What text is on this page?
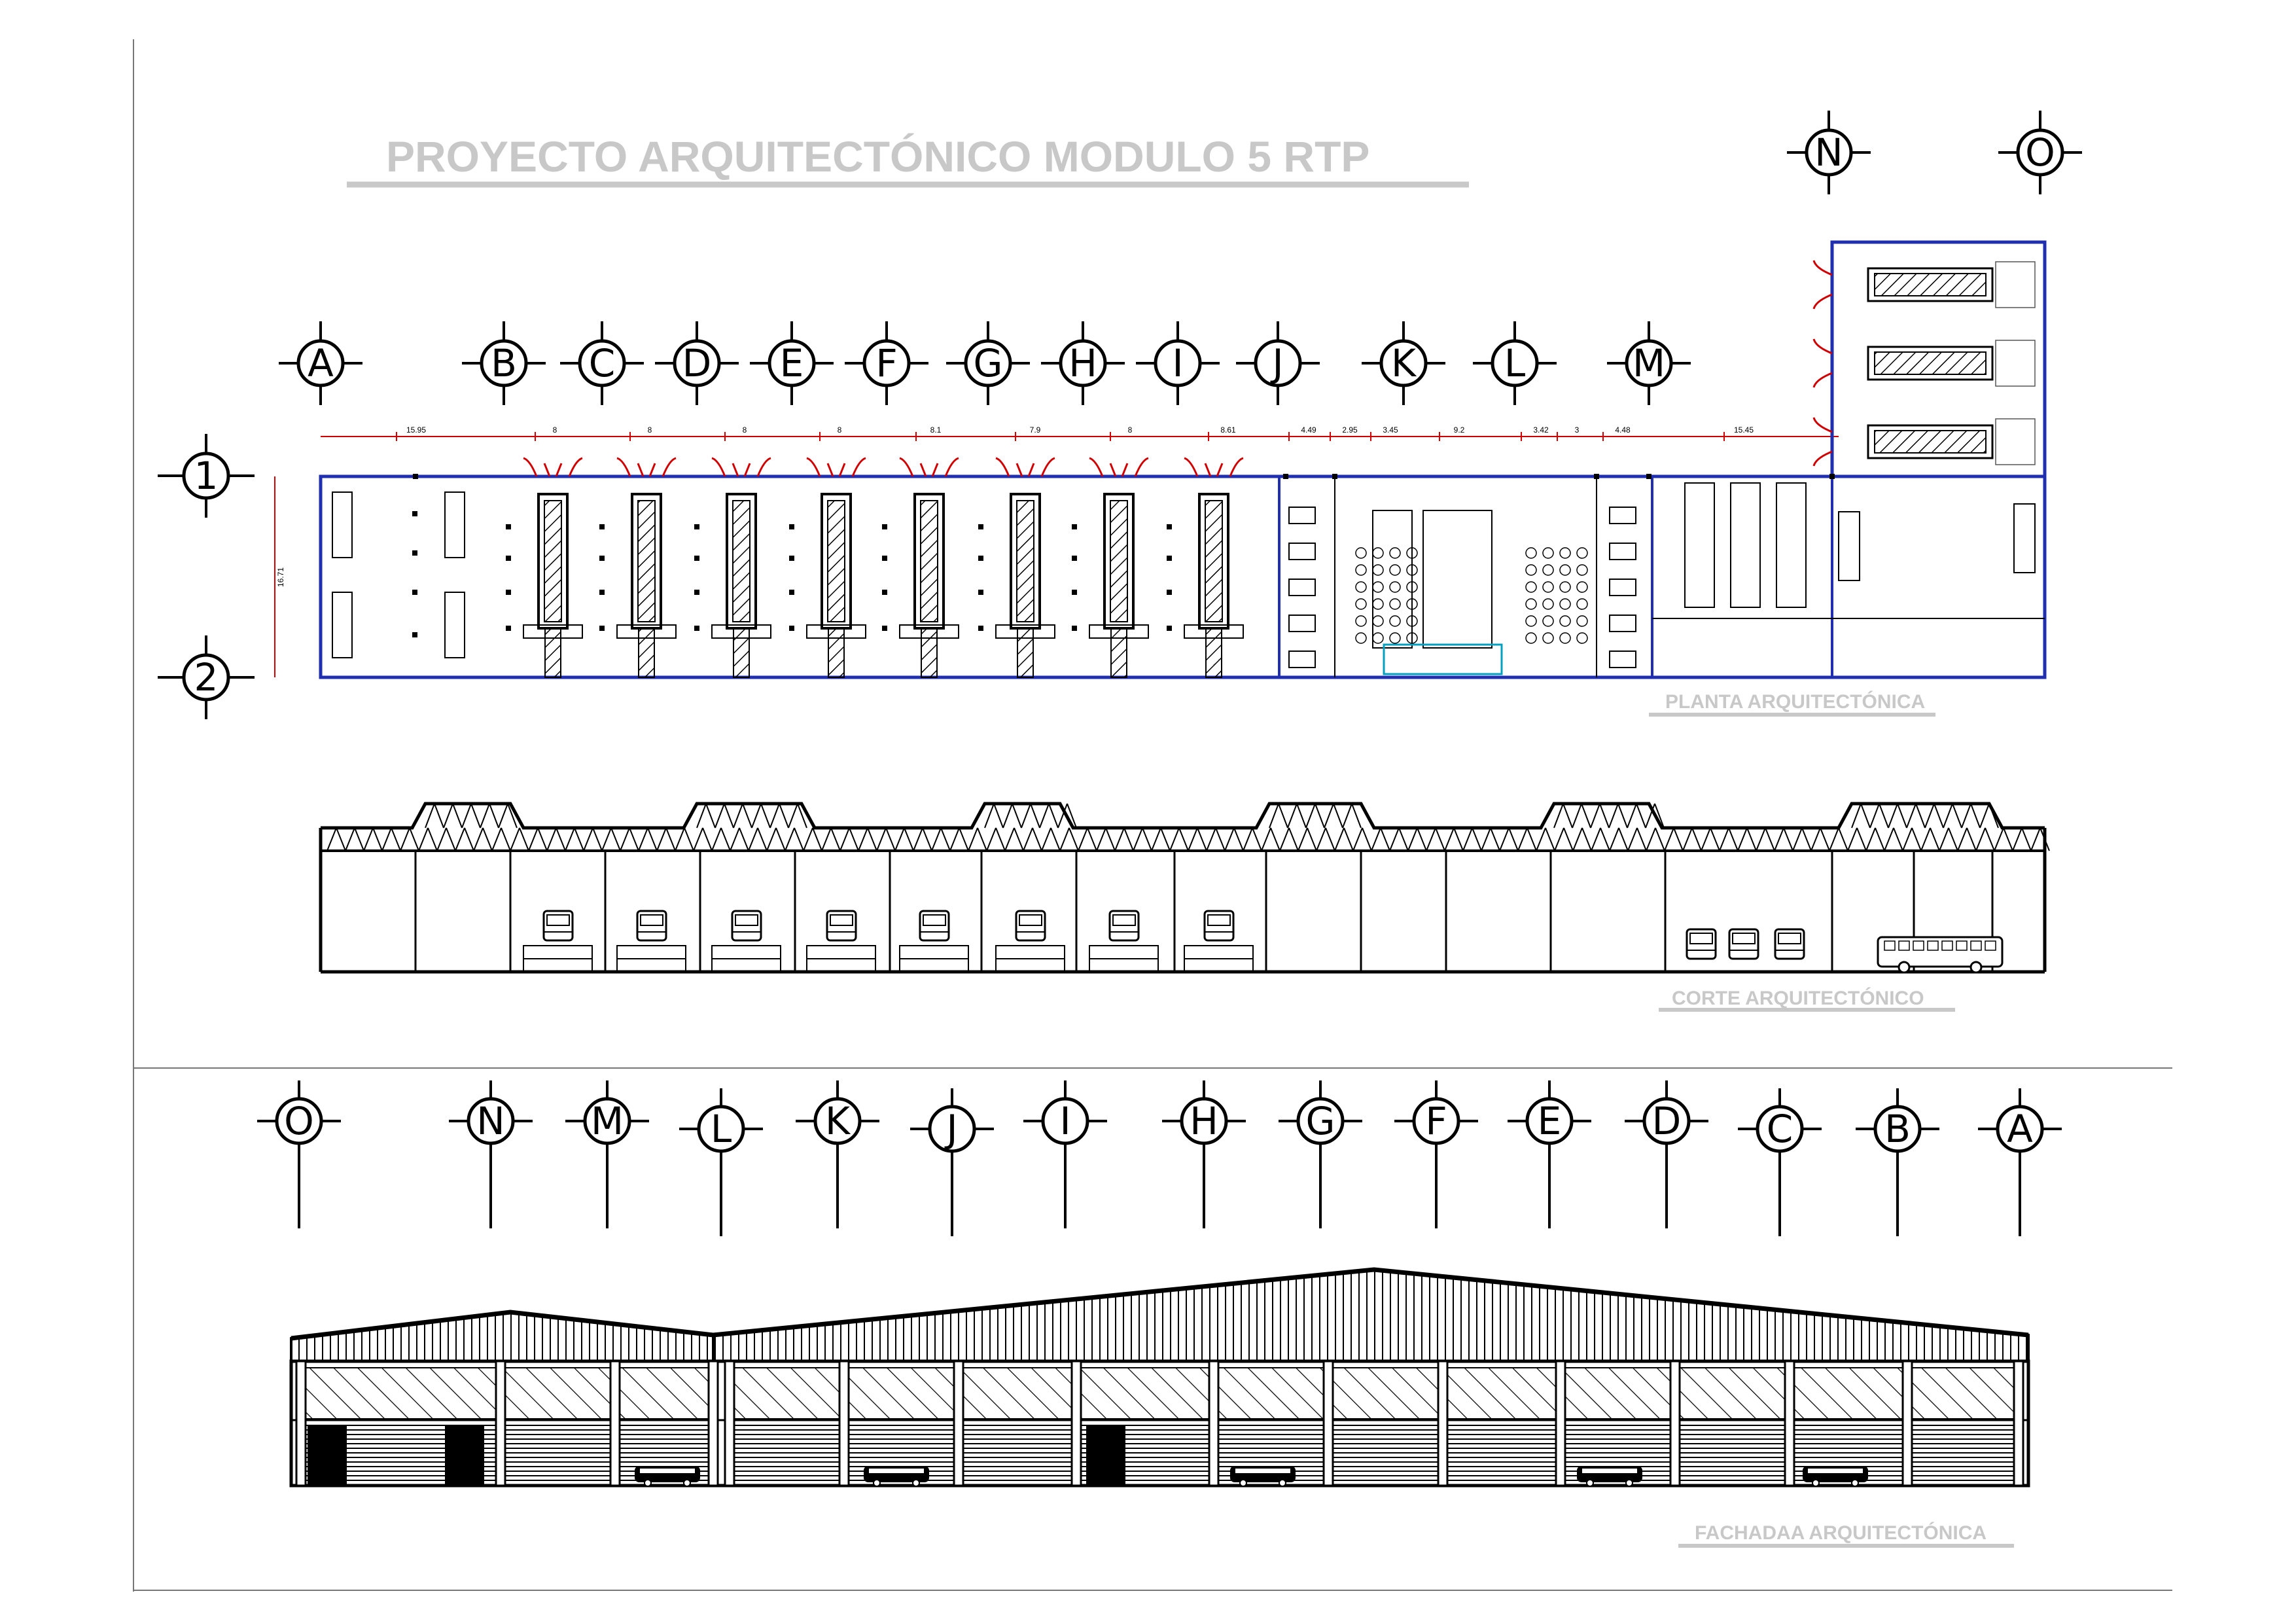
PROYECTO ARQUITECTÓNICO MODULO 5 RTP
A	B C D E F G H I J	K L	M
N	O
1
2
16.71
15.95	8	8	8	8	8.1	7.9	8	8.61	4.49	2.95	3.45	9.2	3.42	3	4.48	15.45
PLANTA ARQUITECTÓNICA
CORTE ARQUITECTÓNICO
O	N M L K	J	I	H G F E D C B	A
FACHADAA ARQUITECTÓNICA
